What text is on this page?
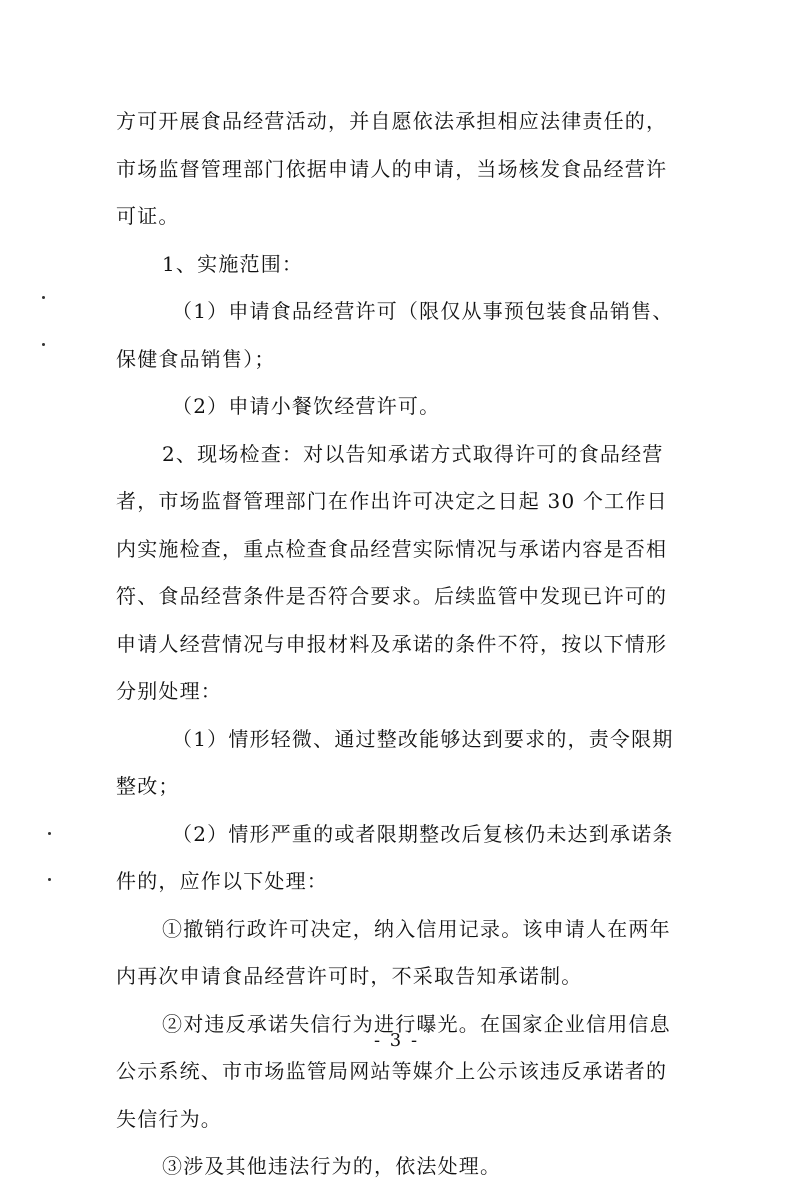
方可开展食品经营活动，并自愿依法承担相应法律责任的，
市场监督管理部门依据申请人的申请，当场核发食品经营许
可证。
1、实施范围：
（1）申请食品经营许可（限仅从事预包装食品销售、
保健食品销售）；
（2）申请小餐饮经营许可。
2、现场检查：对以告知承诺方式取得许可的食品经营
者，市场监督管理部门在作出许可决定之日起 30 个工作日
内实施检查，重点检查食品经营实际情况与承诺内容是否相
符、食品经营条件是否符合要求。后续监管中发现已许可的
申请人经营情况与申报材料及承诺的条件不符，按以下情形
分别处理：
（1）情形轻微、通过整改能够达到要求的，责令限期
整改；
（2）情形严重的或者限期整改后复核仍未达到承诺条
件的，应作以下处理：
①撤销行政许可决定，纳入信用记录。该申请人在两年
内再次申请食品经营许可时，不采取告知承诺制。
②对违反承诺失信行为进行曝光。在国家企业信用信息
公示系统、市市场监管局网站等媒介上公示该违反承诺者的
失信行为。
③涉及其他违法行为的，依法处理。
- 3 -
